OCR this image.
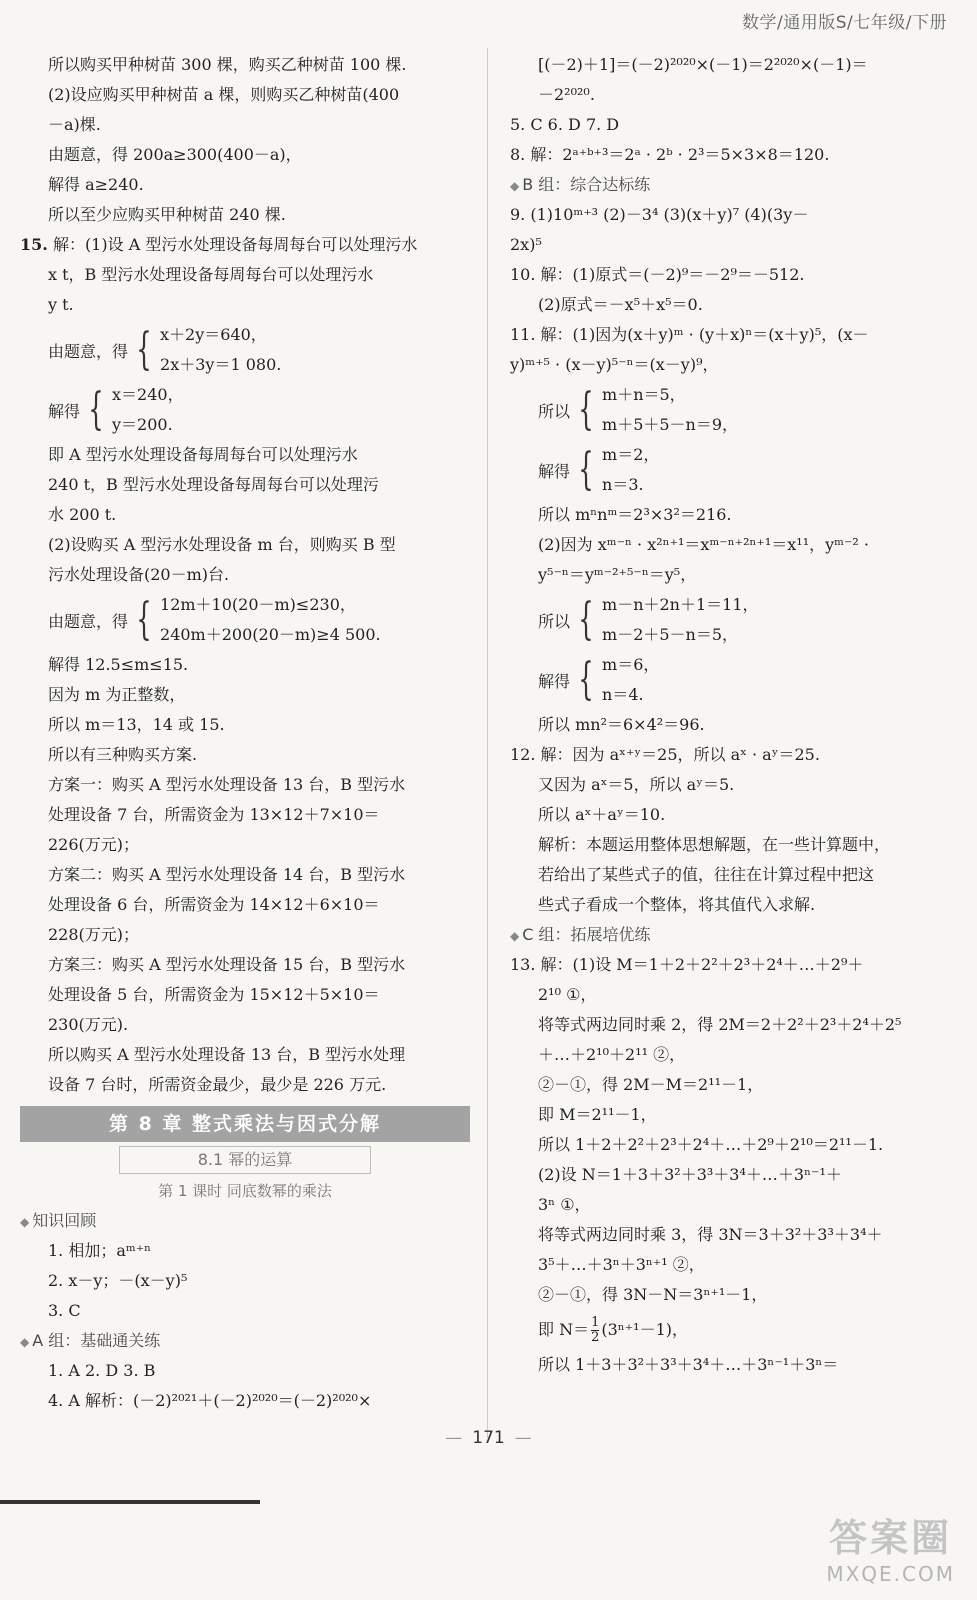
数学/通用版S/七年级/下册
所以购买甲种树苗 300 棵，购买乙种树苗 100 棵.
(2)设应购买甲种树苗 a 棵，则购买乙种树苗(400
－a)棵.
由题意，得 200a≥300(400－a)，
解得 a≥240.
所以至少应购买甲种树苗 240 棵.
15. 解：(1)设 A 型污水处理设备每周每台可以处理污水
x t，B 型污水处理设备每周每台可以处理污水
y t.
由题意，得 { x＋2y＝640，
2x＋3y＝1 080.
解得 { x＝240，
y＝200.
即 A 型污水处理设备每周每台可以处理污水
240 t，B 型污水处理设备每周每台可以处理污
水 200 t.
(2)设购买 A 型污水处理设备 m 台，则购买 B 型
污水处理设备(20－m)台.
由题意，得 { 12m＋10(20－m)≤230，
240m＋200(20－m)≥4 500.
解得 12.5≤m≤15.
因为 m 为正整数，
所以 m＝13，14 或 15.
所以有三种购买方案.
方案一：购买 A 型污水处理设备 13 台，B 型污水
处理设备 7 台，所需资金为 13×12＋7×10＝
226(万元)；
方案二：购买 A 型污水处理设备 14 台，B 型污水
处理设备 6 台，所需资金为 14×12＋6×10＝
228(万元)；
方案三：购买 A 型污水处理设备 15 台，B 型污水
处理设备 5 台，所需资金为 15×12＋5×10＝
230(万元).
所以购买 A 型污水处理设备 13 台，B 型污水处理
设备 7 台时，所需资金最少，最少是 226 万元.
第 8 章 整式乘法与因式分解
8.1 幂的运算
第 1 课时 同底数幂的乘法
◆ 知识回顾
1. 相加；aᵐ⁺ⁿ
2. x－y；－(x－y)⁵
3. C
◆ A 组：基础通关练
1. A 2. D 3. B
4. A 解析：(－2)²⁰²¹＋(－2)²⁰²⁰＝(－2)²⁰²⁰×
[(－2)＋1]＝(－2)²⁰²⁰×(－1)＝2²⁰²⁰×(－1)＝
－2²⁰²⁰.
5. C 6. D 7. D
8. 解：2ᵃ⁺ᵇ⁺³＝2ᵃ · 2ᵇ · 2³＝5×3×8＝120.
◆ B 组：综合达标练
9. (1)10ᵐ⁺³ (2)－3⁴ (3)(x＋y)⁷ (4)(3y－
2x)⁵
10. 解：(1)原式＝(－2)⁹＝－2⁹＝－512.
(2)原式＝－x⁵＋x⁵＝0.
11. 解：(1)因为(x＋y)ᵐ · (y＋x)ⁿ＝(x＋y)⁵，(x－
y)ᵐ⁺⁵ · (x－y)⁵⁻ⁿ＝(x－y)⁹，
所以 { m＋n＝5，
m＋5＋5－n＝9，
解得 { m＝2，
n＝3.
所以 mⁿnᵐ＝2³×3²＝216.
(2)因为 xᵐ⁻ⁿ · x²ⁿ⁺¹＝xᵐ⁻ⁿ⁺²ⁿ⁺¹＝x¹¹，yᵐ⁻² ·
y⁵⁻ⁿ＝yᵐ⁻²⁺⁵⁻ⁿ＝y⁵，
所以 { m－n＋2n＋1＝11，
m－2＋5－n＝5，
解得 { m＝6，
n＝4.
所以 mn²＝6×4²＝96.
12. 解：因为 aˣ⁺ʸ＝25，所以 aˣ · aʸ＝25.
又因为 aˣ＝5，所以 aʸ＝5.
所以 aˣ＋aʸ＝10.
解析：本题运用整体思想解题，在一些计算题中，
若给出了某些式子的值，往往在计算过程中把这
些式子看成一个整体，将其值代入求解.
◆ C 组：拓展培优练
13. 解：(1)设 M＝1＋2＋2²＋2³＋2⁴＋…＋2⁹＋
2¹⁰ ①，
将等式两边同时乘 2，得 2M＝2＋2²＋2³＋2⁴＋2⁵
＋…＋2¹⁰＋2¹¹ ②，
②－①，得 2M－M＝2¹¹－1，
即 M＝2¹¹－1，
所以 1＋2＋2²＋2³＋2⁴＋…＋2⁹＋2¹⁰＝2¹¹－1.
(2)设 N＝1＋3＋3²＋3³＋3⁴＋…＋3ⁿ⁻¹＋
3ⁿ ①，
将等式两边同时乘 3，得 3N＝3＋3²＋3³＋3⁴＋
3⁵＋…＋3ⁿ＋3ⁿ⁺¹ ②，
②－①，得 3N－N＝3ⁿ⁺¹－1，
即 $N= \frac{1}{2} (3^{n+1}-1)$，
所以 1＋3＋3²＋3³＋3⁴＋…＋3ⁿ⁻¹＋3ⁿ＝
— 171 —
答案圈
MXQE.COM
